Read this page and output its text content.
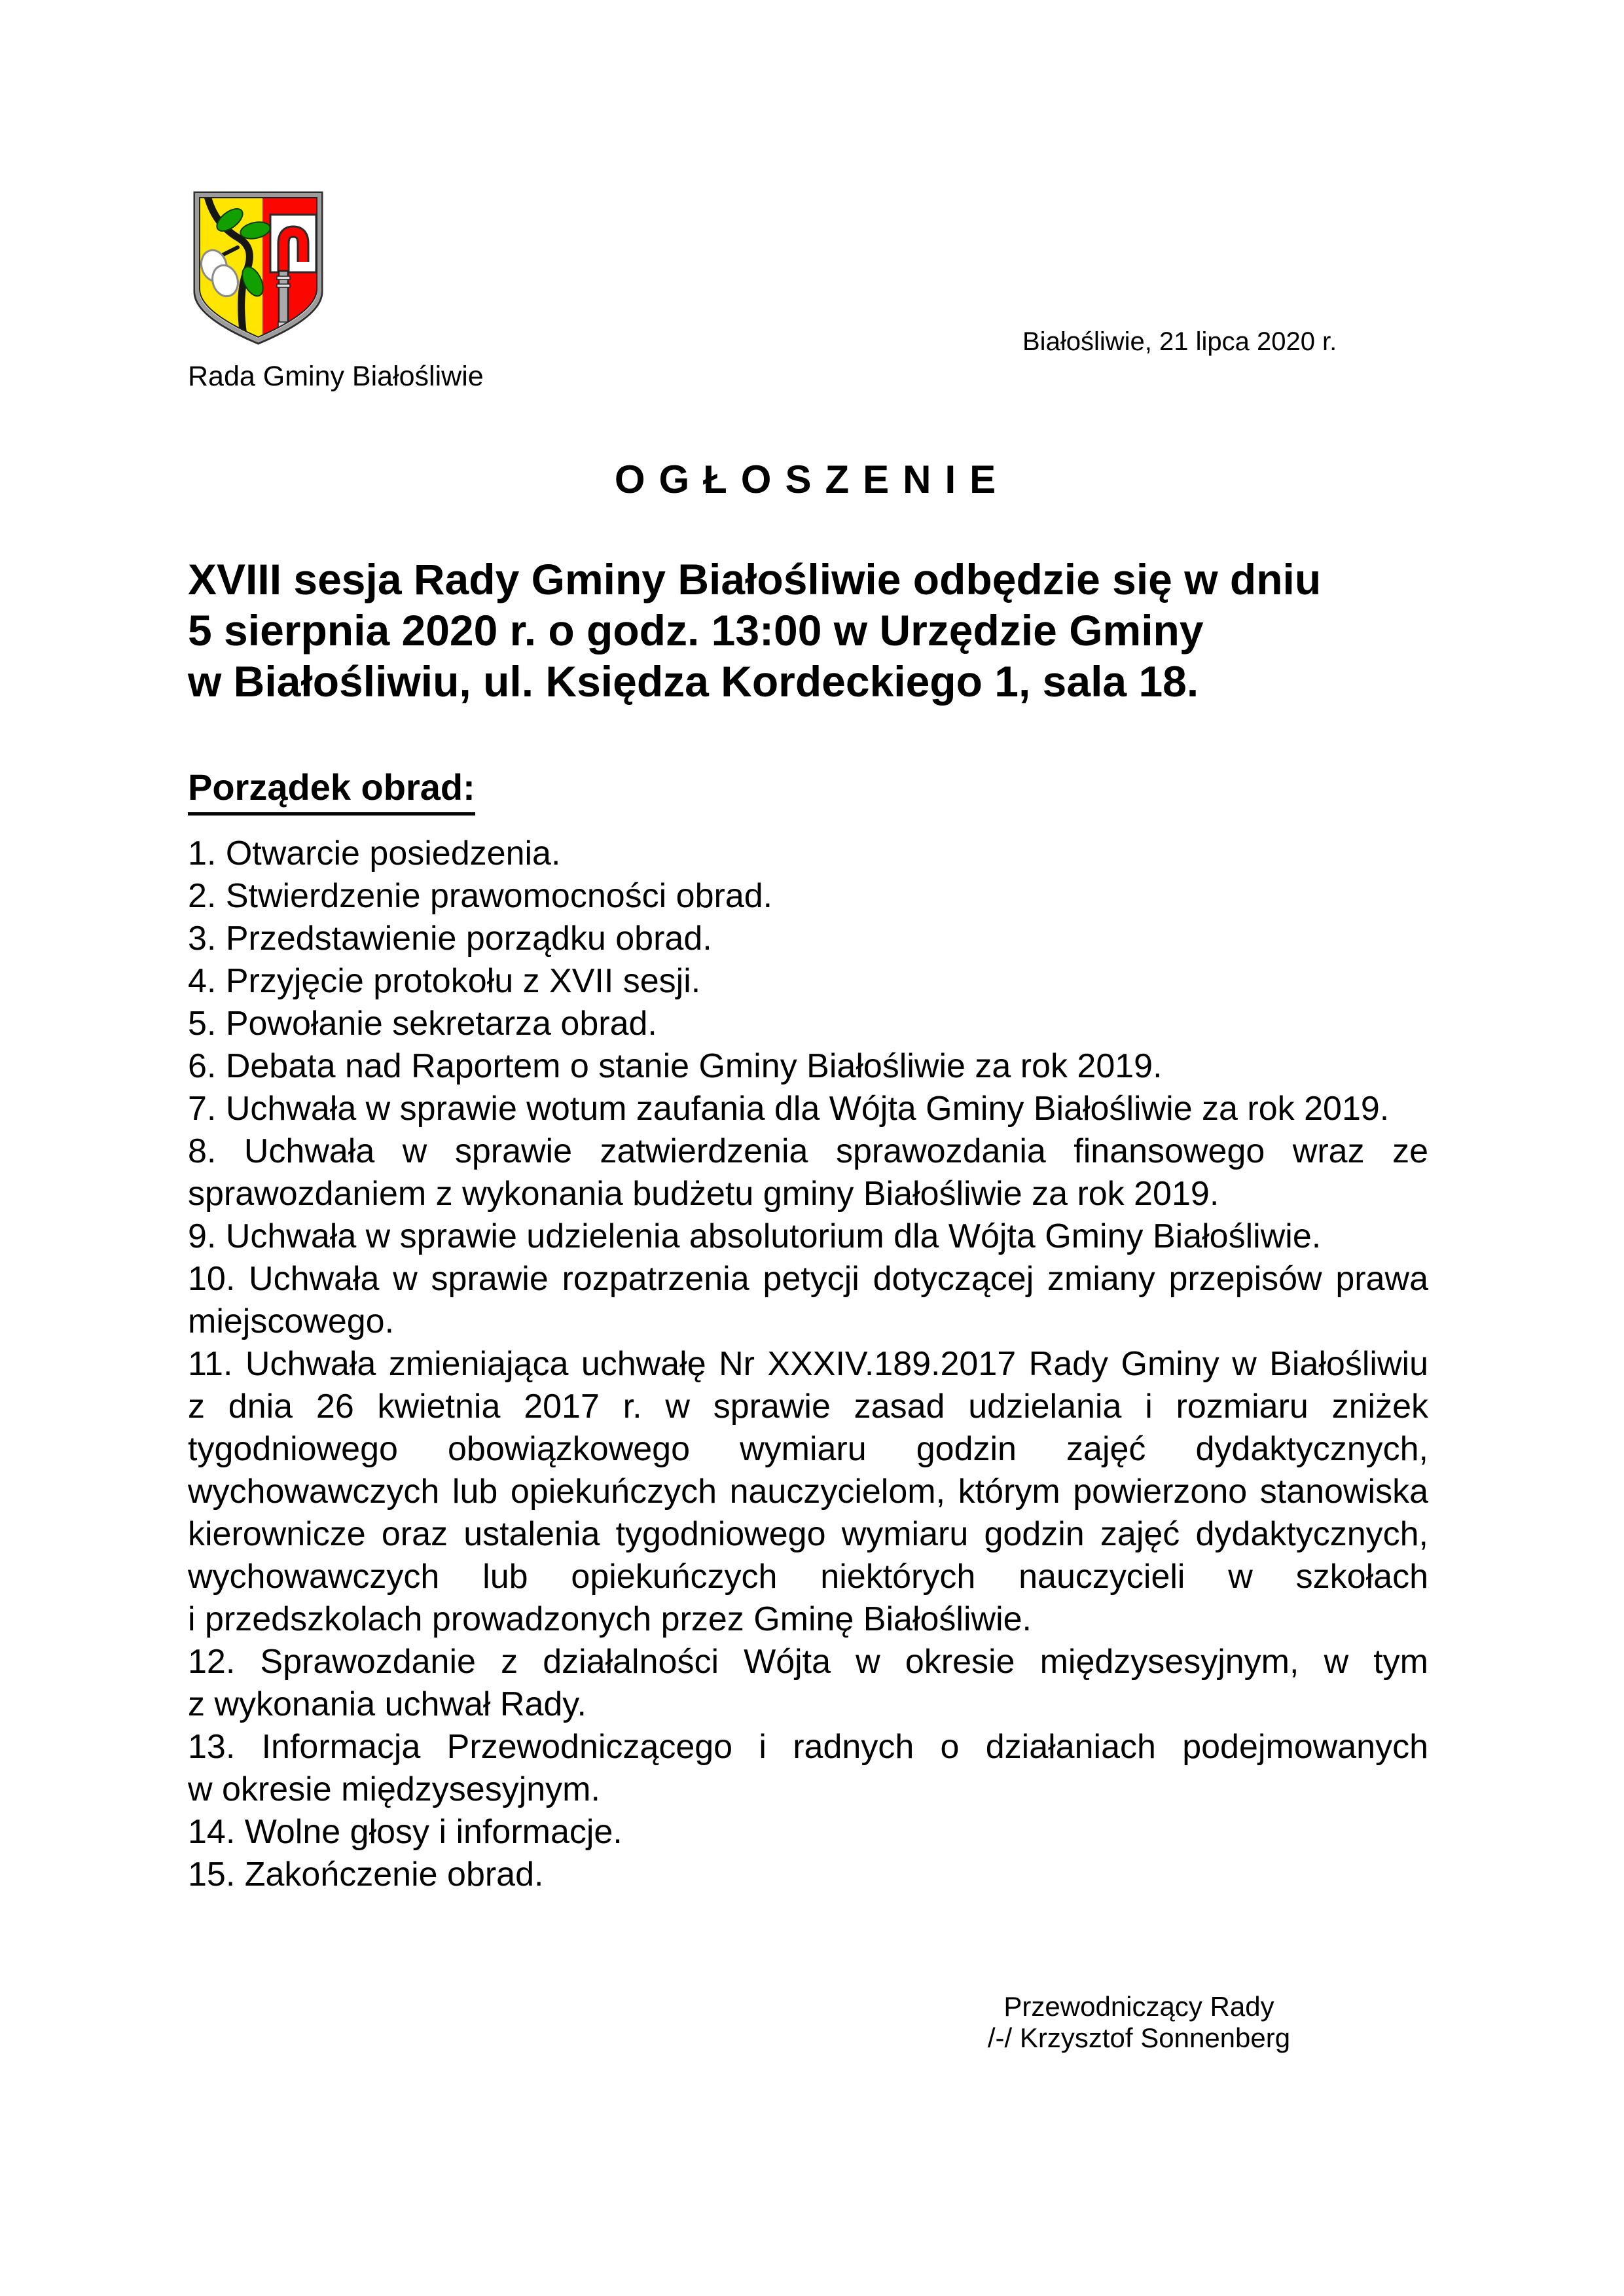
Rada Gminy Białośliwie
Białośliwie, 21 lipca 2020 r.
OGŁOSZENIE
XVIII sesja Rady Gminy Białośliwie odbędzie się w dniu
5 sierpnia 2020 r. o godz. 13:00 w Urzędzie Gminy
w Białośliwiu, ul. Księdza Kordeckiego 1, sala 18.
Porządek obrad:

1. Otwarcie posiedzenia.

2. Stwierdzenie prawomocności obrad.

3. Przedstawienie porządku obrad.

4. Przyjęcie protokołu z XVII sesji.

5. Powołanie sekretarza obrad.

6. Debata nad Raportem o stanie Gminy Białośliwie za rok 2019.

7. Uchwała w sprawie wotum zaufania dla Wójta Gminy Białośliwie za rok 2019.

8. Uchwała w sprawie zatwierdzenia sprawozdania finansowego wraz ze sprawozdaniem z wykonania budżetu gminy Białośliwie za rok 2019.

9. Uchwała w sprawie udzielenia absolutorium dla Wójta Gminy Białośliwie.

10. Uchwała w sprawie rozpatrzenia petycji dotyczącej zmiany przepisów prawa miejscowego.

11. Uchwała zmieniająca uchwałę Nr XXXIV.189.2017 Rady Gminy w Białośliwiu z dnia 26 kwietnia 2017 r. w sprawie zasad udzielania i rozmiaru zniżek tygodniowego obowiązkowego wymiaru godzin zajęć dydaktycznych, wychowawczych lub opiekuńczych nauczycielom, którym powierzono stanowiska kierownicze oraz ustalenia tygodniowego wymiaru godzin zajęć dydaktycznych, wychowawczych lub opiekuńczych niektórych nauczycieli w szkołach i przedszkolach prowadzonych przez Gminę Białośliwie.

12. Sprawozdanie z działalności Wójta w okresie międzysesyjnym, w tym z wykonania uchwał Rady.

13. Informacja Przewodniczącego i radnych o działaniach podejmowanych w okresie międzysesyjnym.

14. Wolne głosy i informacje.

15. Zakończenie obrad.

Przewodniczący Rady
/-/ Krzysztof Sonnenberg
